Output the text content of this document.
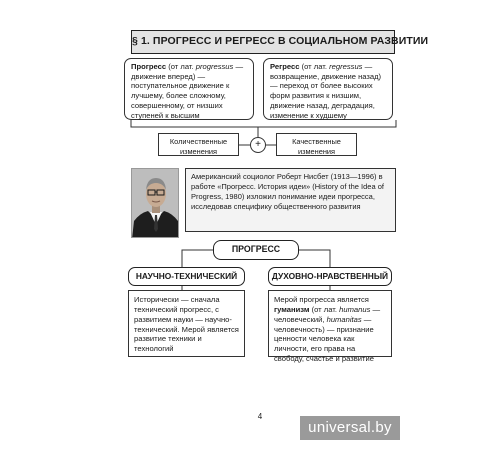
§ 1. ПРОГРЕСС И РЕГРЕСС В СОЦИАЛЬНОМ РАЗВИТИИ
Прогресс (от лат. progressus — движение вперед) — поступательное движение к лучшему, более сложному, совершенному, от низших ступеней к высшим
Регресс (от лат. regressus — возвращение, движение назад) — переход от более высоких форм развития к низшим, движение назад, деградация, изменение к худшему
Количественные изменения
+	Качественные изменения
Американский социолог Роберт Нисбет (1913—1996) в работе «Прогресс. История идеи» (History of the Idea of Progress, 1980) изложил понимание идеи прогресса, исследовав специфику общественного развития
ПРОГРЕСС
НАУЧНО-ТЕХНИЧЕСКИЙ	ДУХОВНО-НРАВСТВЕННЫЙ
Исторически — сначала технический прогресс, с развитием науки — научно-технический. Мерой является развитие техники и технологий
Мерой прогресса является гуманизм (от лат. humanus — человеческий, humanitas — человечность) — признание ценности человека как личности, его права на свободу, счастье и развитие
4
universal.by
